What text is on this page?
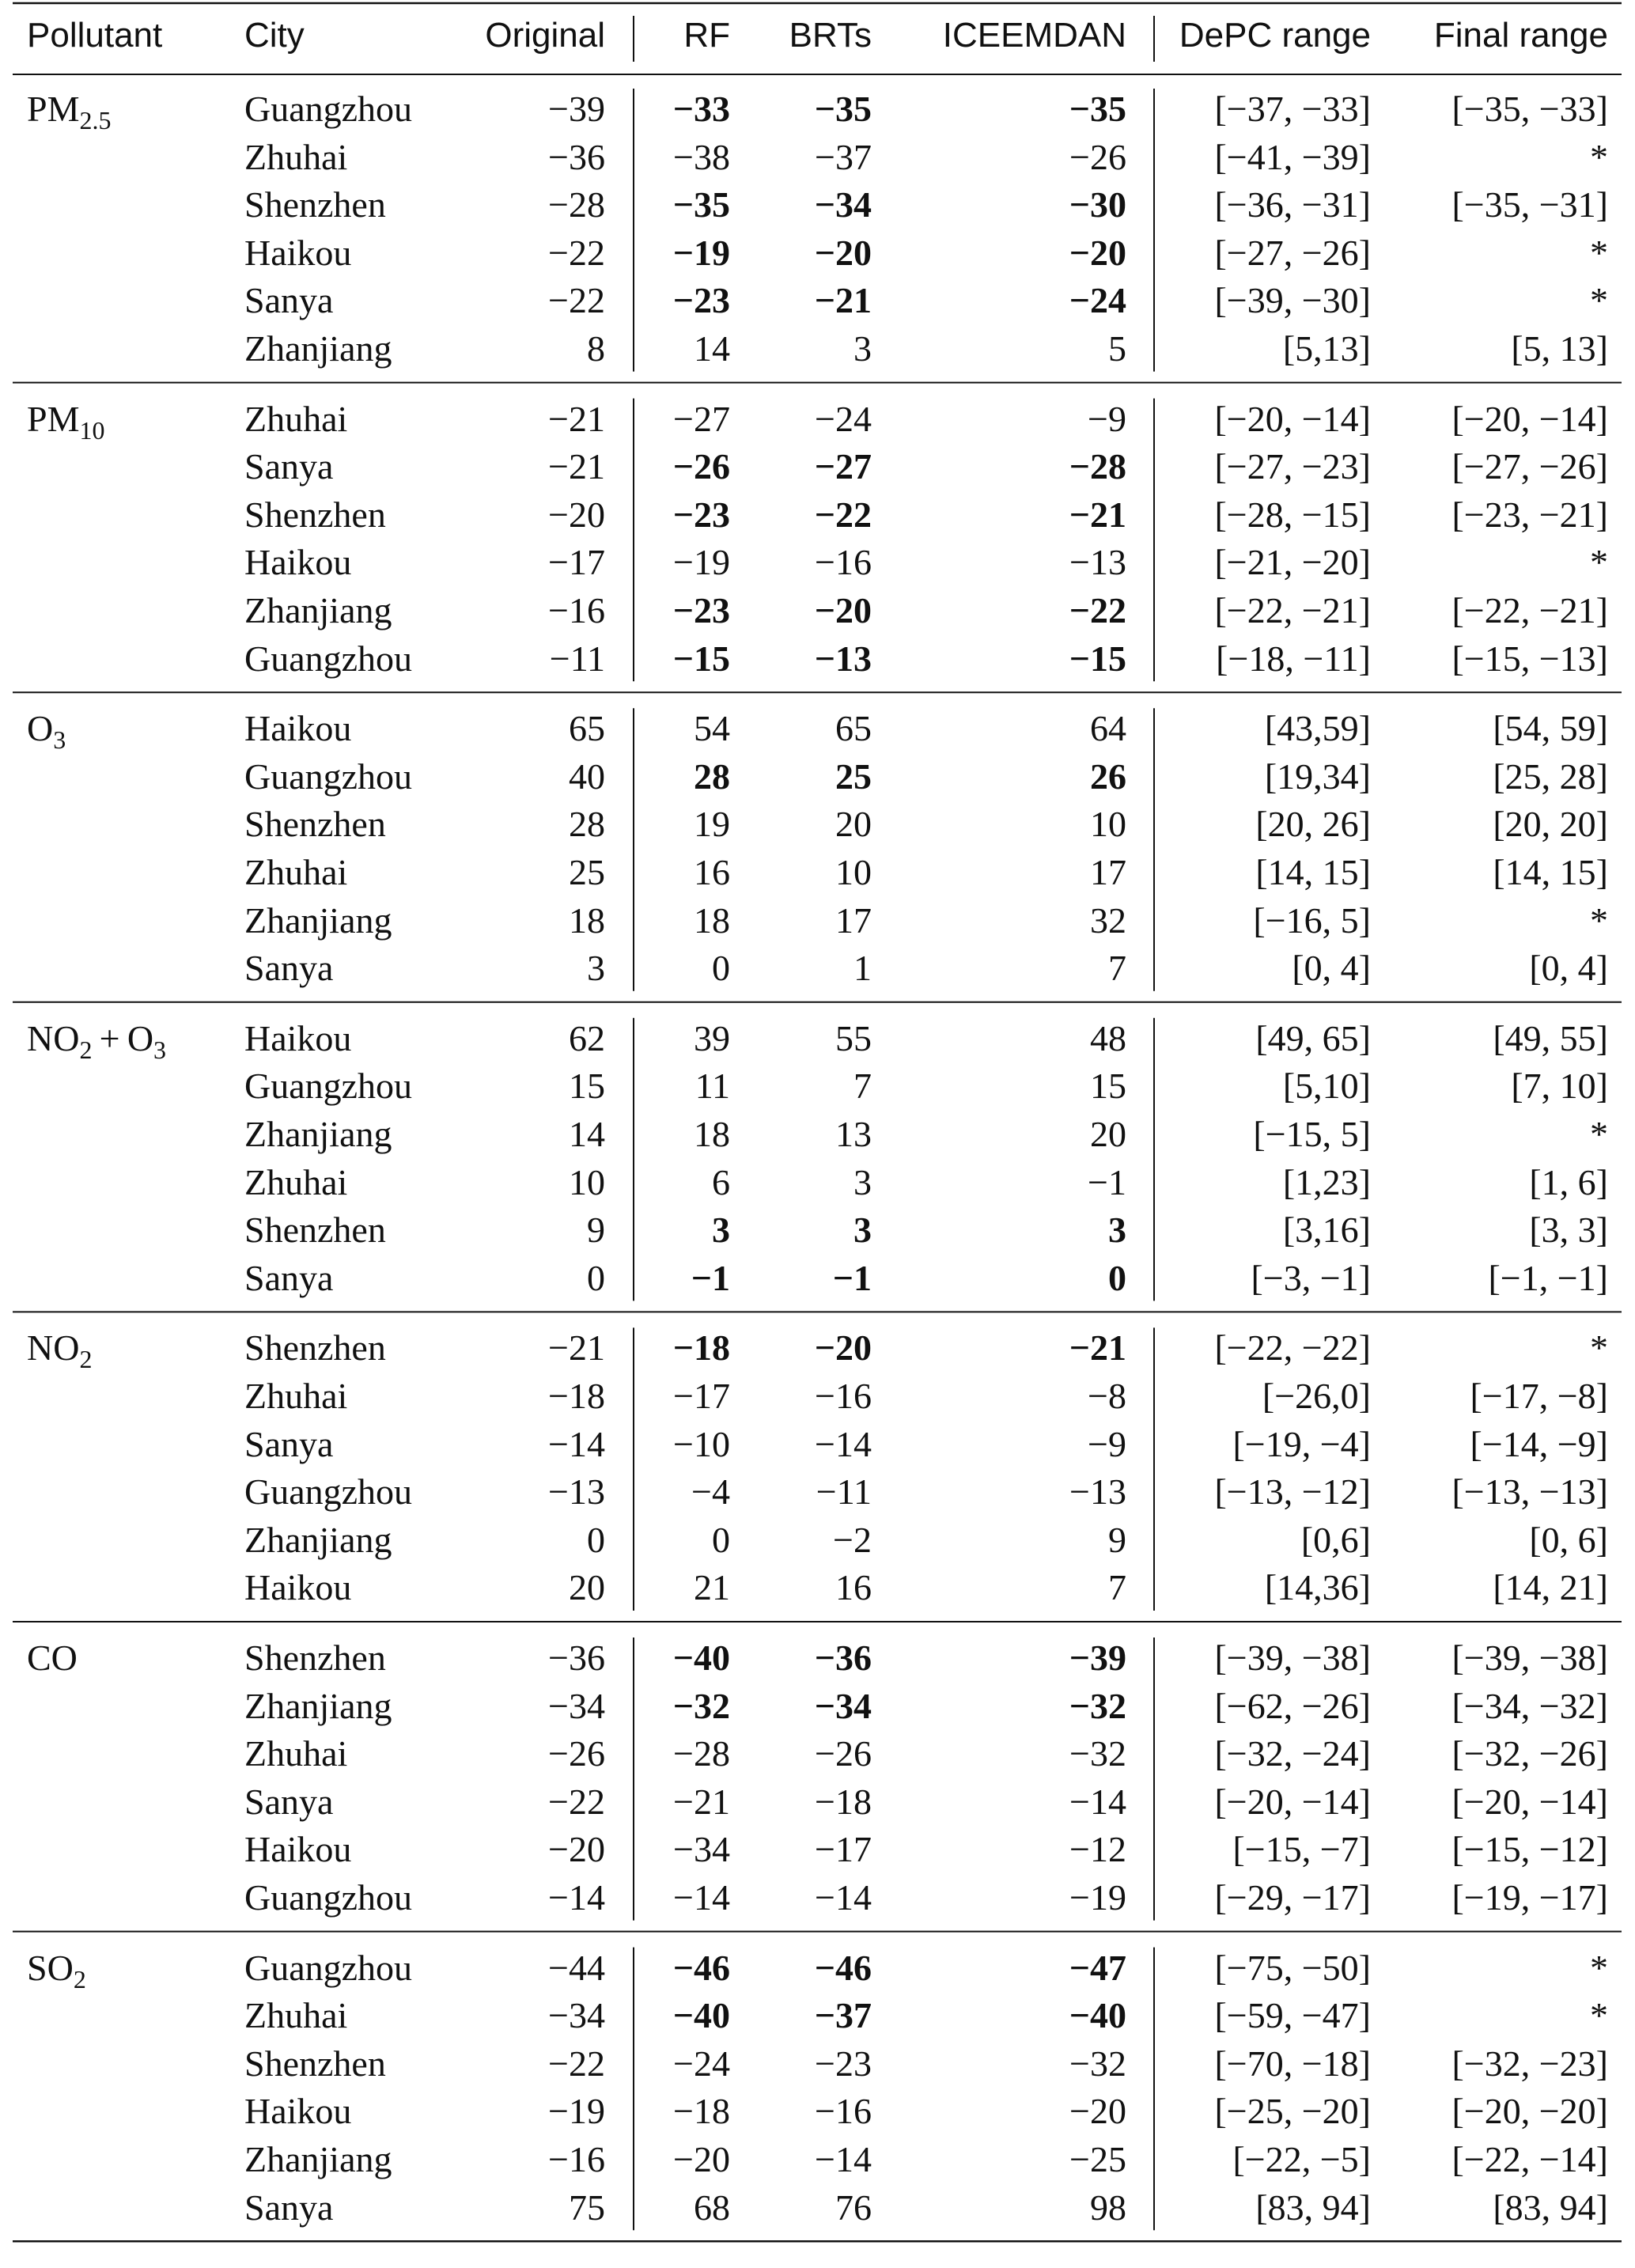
Pollutant City	Original	RF	BRTs	ICEEMDAN	DePC range	Final range
$PM_{2.5}$	Guangzhou	−39	−33	−35	−35	[−37, −33]	[−35, −33]
Zhuhai	−36	−38	−37	−26	[−41, −39]	*
Shenzhen	−28	−35	−34	−30	[−36, −31]	[−35, −31]
Haikou	−22	−19	−20	−20	[−27, −26]	*
Sanya	−22	−23	−21	−24	[−39, −30]	*
Zhanjiang	8	14	3	5	[5,13]	[5, 13]
$PM_{10}$	Zhuhai	−21	−27	−24	−9	[−20, −14]	[−20, −14]
Sanya	−21	−26	−27	−28	[−27, −23]	[−27, −26]
Shenzhen	−20	−23	−22	−21	[−28, −15]	[−23, −21]
Haikou	−17	−19	−16	−13	[−21, −20]	*
Zhanjiang	−16	−23	−20	−22	[−22, −21]	[−22, −21]
Guangzhou	−11	−15	−13	−15	[−18, −11]	[−15, −13]
$O_3$	Haikou	65	54	65	64	[43,59]	[54, 59]
Guangzhou	40	28	25	26	[19,34]	[25, 28]
Shenzhen	28	19	20	10	[20, 26]	[20, 20]
Zhuhai	25	16	10	17	[14, 15]	[14, 15]
Zhanjiang	18	18	17	32	[−16, 5]	*
Sanya	3	0	1	7	[0, 4]	[0, 4]
$NO_2 + O_3$ Haikou	62	39	55	48	[49, 65]	[49, 55]
Guangzhou	15	11	7	15	[5,10]	[7, 10]
Zhanjiang	14	18	13	20	[−15, 5]	*
Zhuhai	10	6	3	−1	[1,23]	[1, 6]
Shenzhen	9	3	3	3	[3,16]	[3, 3]
Sanya	0	−1	−1	0	[−3, −1]	[−1, −1]
$NO_2$	Shenzhen	−21	−18	−20	−21	[−22, −22]	*
Zhuhai	−18	−17	−16	−8	[−26,0]	[−17, −8]
Sanya	−14	−10	−14	−9	[−19, −4]	[−14, −9]
Guangzhou	−13	−4	−11	−13	[−13, −12]	[−13, −13]
Zhanjiang	0	0	−2	9	[0,6]	[0, 6]
Haikou	20	21	16	7	[14,36]	[14, 21]
CO	Shenzhen	−36	−40	−36	−39	[−39, −38]	[−39, −38]
Zhanjiang	−34	−32	−34	−32	[−62, −26]	[−34, −32]
Zhuhai	−26	−28	−26	−32	[−32, −24]	[−32, −26]
Sanya	−22	−21	−18	−14	[−20, −14]	[−20, −14]
Haikou	−20	−34	−17	−12	[−15, −7]	[−15, −12]
Guangzhou	−14	−14	−14	−19	[−29, −17]	[−19, −17]
$SO_2$	Guangzhou	−44	−46	−46	−47	[−75, −50]	*
Zhuhai	−34	−40	−37	−40	[−59, −47]	*
Shenzhen	−22	−24	−23	−32	[−70, −18]	[−32, −23]
Haikou	−19	−18	−16	−20	[−25, −20]	[−20, −20]
Zhanjiang	−16	−20	−14	−25	[−22, −5]	[−22, −14]
Sanya	75	68	76	98	[83, 94]	[83, 94]
